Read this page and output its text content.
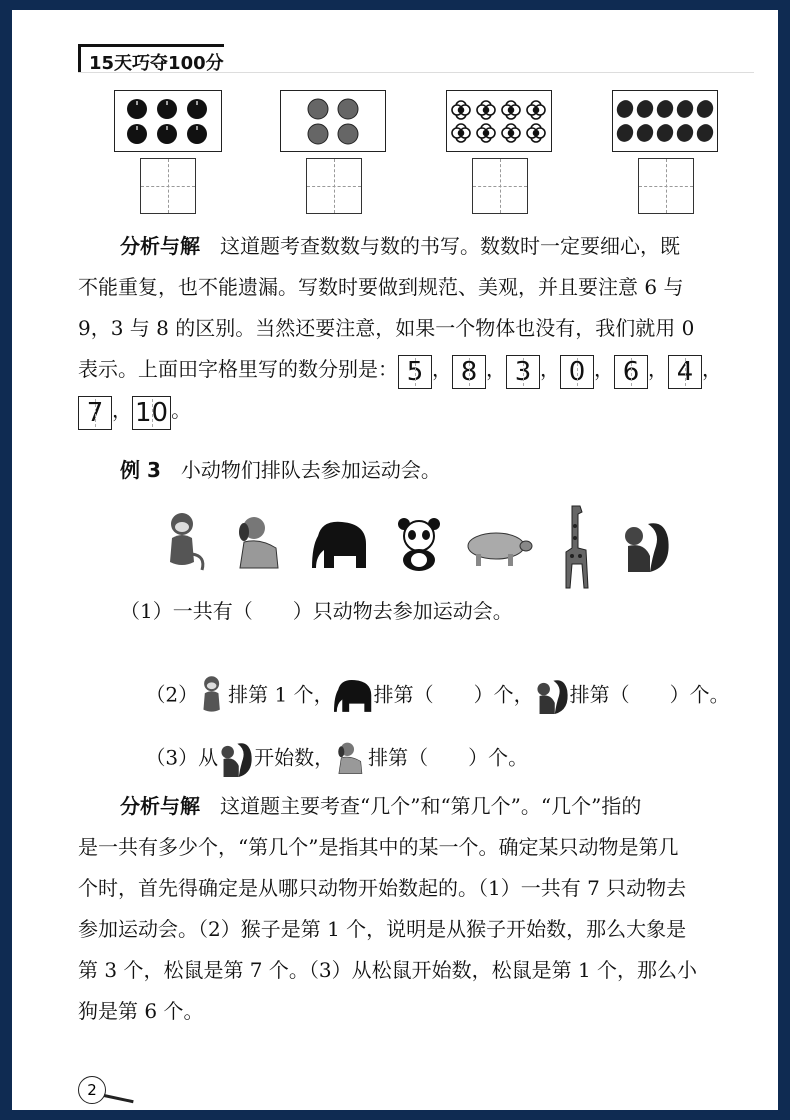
15天巧夺100分
分析与解　 这道题考查数数与数的书写。数数时一定要细心，既
不能重复，也不能遗漏。写数时要做到规范、美观，并且要注意 6 与
9，3 与 8 的区别。当然还要注意，如果一个物体也没有，我们就用 0
表示。上面田字格里写的数分别是： 5 ， 8 ， 3 ， 0 ， 6 ， 4 ，
7 ， 10 。
例 3　 小动物们排队去参加运动会。
（1）一共有（　　）只动物去参加运动会。

（2） 排第 1 个， 排第（　　）个， 排第（　　）个。

（3）从 开始数， 排第（　　）个。

分析与解　 这道题主要考查“几个”和“第几个”。“几个”指的
是一共有多少个，“第几个”是指其中的某一个。确定某只动物是第几
个时，首先得确定是从哪只动物开始数起的。（1）一共有 7 只动物去
参加运动会。（2）猴子是第 1 个，说明是从猴子开始数，那么大象是
第 3 个，松鼠是第 7 个。（3）从松鼠开始数，松鼠是第 1 个，那么小
狗是第 6 个。
2
